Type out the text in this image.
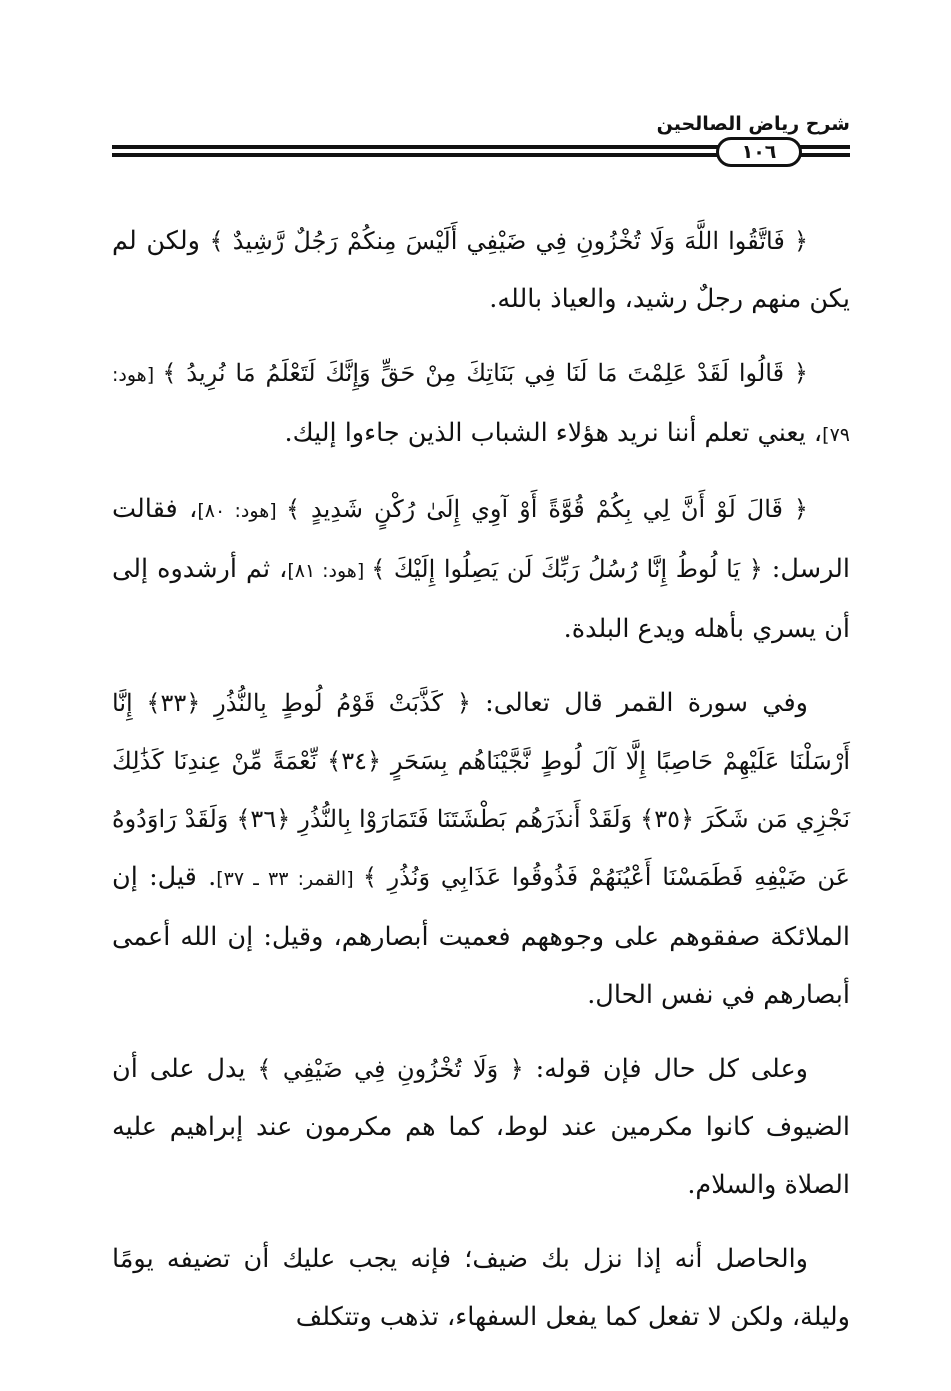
شرح رياض الصالحين
١٠٦

﴿ فَاتَّقُوا اللَّهَ وَلَا تُخْزُونِ فِي ضَيْفِي أَلَيْسَ مِنكُمْ رَجُلٌ رَّشِيدٌ ﴾ ولكن لم يكن منهم رجلٌ رشيد، والعياذ بالله.

﴿ قَالُوا لَقَدْ عَلِمْتَ مَا لَنَا فِي بَنَاتِكَ مِنْ حَقٍّ وَإِنَّكَ لَتَعْلَمُ مَا نُرِيدُ ﴾ [هود: ٧٩]، يعني تعلم أننا نريد هؤلاء الشباب الذين جاءوا إليك.

﴿ قَالَ لَوْ أَنَّ لِي بِكُمْ قُوَّةً أَوْ آوِي إِلَىٰ رُكْنٍ شَدِيدٍ ﴾ [هود: ٨٠]، فقالت الرسل: ﴿ يَا لُوطُ إِنَّا رُسُلُ رَبِّكَ لَن يَصِلُوا إِلَيْكَ ﴾ [هود: ٨١]، ثم أرشدوه إلى أن يسري بأهله ويدع البلدة.

وفي سورة القمر قال تعالى: ﴿ كَذَّبَتْ قَوْمُ لُوطٍ بِالنُّذُرِ ﴿٣٣﴾ إِنَّا أَرْسَلْنَا عَلَيْهِمْ حَاصِبًا إِلَّا آلَ لُوطٍ نَّجَّيْنَاهُم بِسَحَرٍ ﴿٣٤﴾ نِّعْمَةً مِّنْ عِندِنَا كَذَٰلِكَ نَجْزِي مَن شَكَرَ ﴿٣٥﴾ وَلَقَدْ أَنذَرَهُم بَطْشَتَنَا فَتَمَارَوْا بِالنُّذُرِ ﴿٣٦﴾ وَلَقَدْ رَاوَدُوهُ عَن ضَيْفِهِ فَطَمَسْنَا أَعْيُنَهُمْ فَذُوقُوا عَذَابِي وَنُذُرِ ﴾ [القمر: ٣٣ ـ ٣٧]. قيل: إن الملائكة صفقوهم على وجوههم فعميت أبصارهم، وقيل: إن الله أعمى أبصارهم في نفس الحال.

وعلى كل حال فإن قوله: ﴿ وَلَا تُخْزُونِ فِي ضَيْفِي ﴾ يدل على أن الضيوف كانوا مكرمين عند لوط، كما هم مكرمون عند إبراهيم عليه الصلاة والسلام.

والحاصل أنه إذا نزل بك ضيف؛ فإنه يجب عليك أن تضيفه يومًا وليلة، ولكن لا تفعل كما يفعل السفهاء، تذهب وتتكلف
